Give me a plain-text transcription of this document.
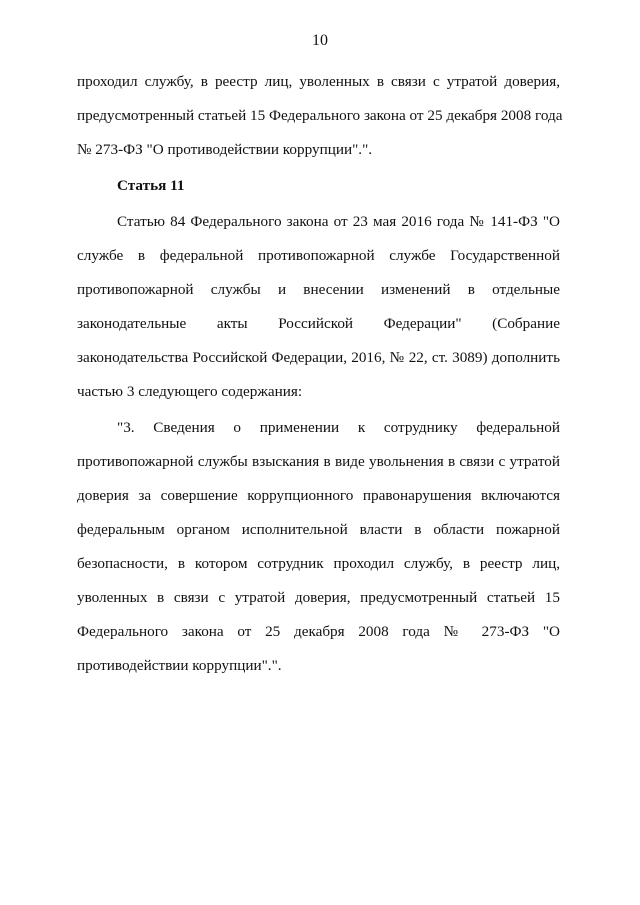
10
проходил службу, в реестр лиц, уволенных в связи с утратой доверия,
предусмотренный статьей 15 Федерального закона от 25 декабря 2008 года
№ 273-ФЗ "О противодействии коррупции".".
Статья 11
Статью 84 Федерального закона от 23 мая 2016 года № 141-ФЗ "О
службе в федеральной противопожарной службе Государственной
противопожарной службы и внесении изменений в отдельные
законодательные акты Российской Федерации" (Собрание
законодательства Российской Федерации, 2016, № 22, ст. 3089) дополнить
частью 3 следующего содержания:
"3. Сведения о применении к сотруднику федеральной
противопожарной службы взыскания в виде увольнения в связи с утратой
доверия за совершение коррупционного правонарушения включаются
федеральным органом исполнительной власти в области пожарной
безопасности, в котором сотрудник проходил службу, в реестр лиц,
уволенных в связи с утратой доверия, предусмотренный статьей 15
Федерального закона от 25 декабря 2008 года № 273-ФЗ "О
противодействии коррупции".".
